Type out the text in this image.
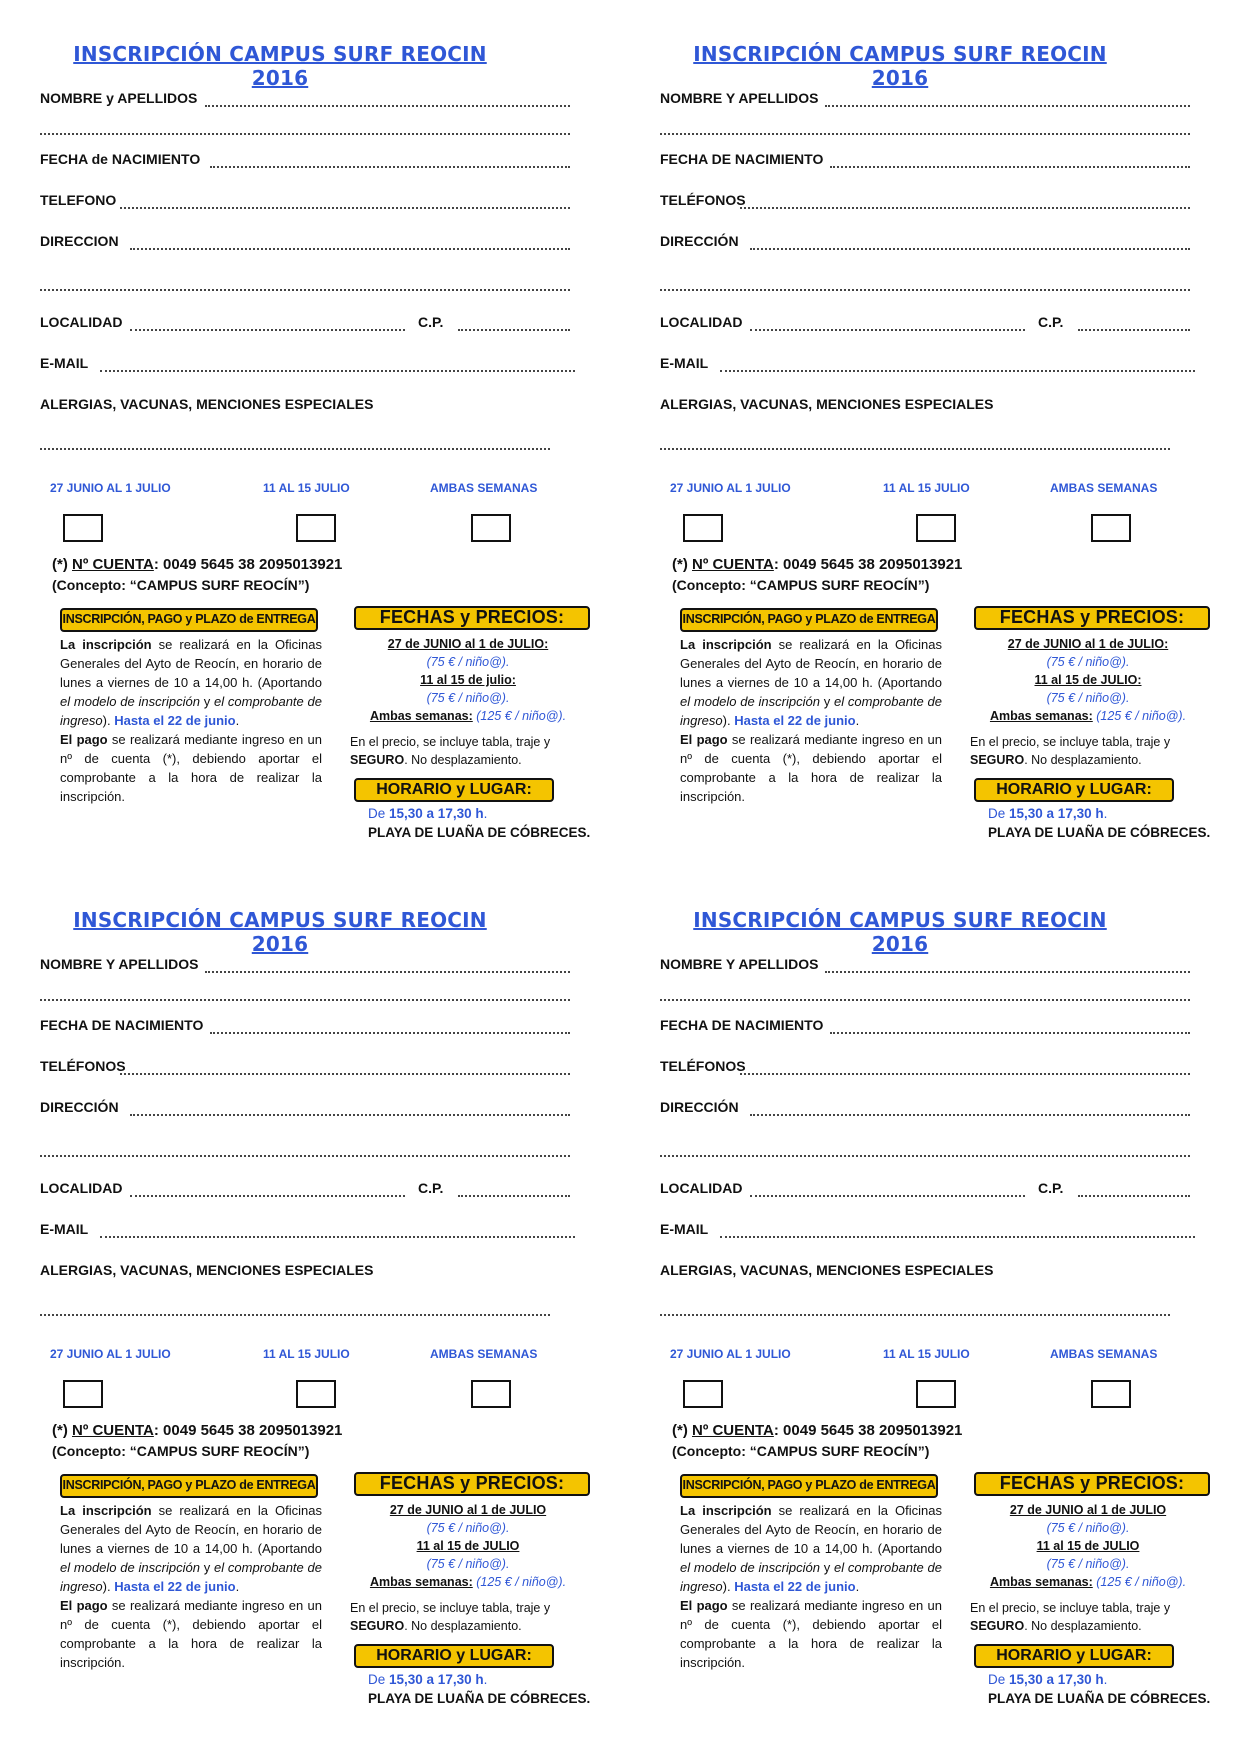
INSCRIPCIÓN CAMPUS SURF REOCIN 2016
NOMBRE y APELLIDOS
FECHA de NACIMIENTO
TELEFONO
DIRECCION
LOCALIDAD	C.P.
E-MAIL
ALERGIAS, VACUNAS, MENCIONES ESPECIALES
27 JUNIO AL 1 JULIO	11 AL 15 JULIO	AMBAS SEMANAS
(*) Nº CUENTA: 0049 5645 38 2095013921
(Concepto: “CAMPUS SURF REOCÍN”)
INSCRIPCIÓN, PAGO y PLAZO de ENTREGA	FECHAS y PRECIOS:
La inscripción se realizará en la Oficinas Generales del Ayto de Reocín, en horario de lunes a viernes de 10 a 14,00 h. (Aportando el modelo de inscripción y el comprobante de ingreso). Hasta el 22 de junio.
El pago se realizará mediante ingreso en un nº de cuenta (*), debiendo aportar el comprobante a la hora de realizar la inscripción.
27 de JUNIO al 1 de JULIO:
(75 € / niño@).
11 al 15 de julio:
(75 € / niño@).
Ambas semanas: (125 € / niño@).
En el precio, se incluye tabla, traje y SEGURO. No desplazamiento.
HORARIO y LUGAR:
De 15,30 a 17,30 h.
PLAYA DE LUAÑA DE CÓBRECES.
INSCRIPCIÓN CAMPUS SURF REOCIN 2016
NOMBRE Y APELLIDOS
FECHA DE NACIMIENTO
TELÉFONOS
DIRECCIÓN
LOCALIDAD	C.P.
E-MAIL
ALERGIAS, VACUNAS, MENCIONES ESPECIALES
27 JUNIO AL 1 JULIO	11 AL 15 JULIO	AMBAS SEMANAS
(*) Nº CUENTA: 0049 5645 38 2095013921
(Concepto: “CAMPUS SURF REOCÍN”)
INSCRIPCIÓN, PAGO y PLAZO de ENTREGA	FECHAS y PRECIOS:
La inscripción se realizará en la Oficinas Generales del Ayto de Reocín, en horario de lunes a viernes de 10 a 14,00 h. (Aportando el modelo de inscripción y el comprobante de ingreso). Hasta el 22 de junio.
El pago se realizará mediante ingreso en un nº de cuenta (*), debiendo aportar el comprobante a la hora de realizar la inscripción.
27 de JUNIO al 1 de JULIO:
(75 € / niño@).
11 al 15 de JULIO:
(75 € / niño@).
Ambas semanas: (125 € / niño@).
En el precio, se incluye tabla, traje y SEGURO. No desplazamiento.
HORARIO y LUGAR:
De 15,30 a 17,30 h.
PLAYA DE LUAÑA DE CÓBRECES.
INSCRIPCIÓN CAMPUS SURF REOCIN 2016
NOMBRE Y APELLIDOS
FECHA DE NACIMIENTO
TELÉFONOS
DIRECCIÓN
LOCALIDAD	C.P.
E-MAIL
ALERGIAS, VACUNAS, MENCIONES ESPECIALES
27 JUNIO AL 1 JULIO	11 AL 15 JULIO	AMBAS SEMANAS
(*) Nº CUENTA: 0049 5645 38 2095013921
(Concepto: “CAMPUS SURF REOCÍN”)
INSCRIPCIÓN, PAGO y PLAZO de ENTREGA	FECHAS y PRECIOS:
La inscripción se realizará en la Oficinas Generales del Ayto de Reocín, en horario de lunes a viernes de 10 a 14,00 h. (Aportando el modelo de inscripción y el comprobante de ingreso). Hasta el 22 de junio.
El pago se realizará mediante ingreso en un nº de cuenta (*), debiendo aportar el comprobante a la hora de realizar la inscripción.
27 de JUNIO al 1 de JULIO
(75 € / niño@).
11 al 15 de JULIO
(75 € / niño@).
Ambas semanas: (125 € / niño@).
En el precio, se incluye tabla, traje y SEGURO. No desplazamiento.
HORARIO y LUGAR:
De 15,30 a 17,30 h.
PLAYA DE LUAÑA DE CÓBRECES.
INSCRIPCIÓN CAMPUS SURF REOCIN 2016
NOMBRE Y APELLIDOS
FECHA DE NACIMIENTO
TELÉFONOS
DIRECCIÓN
LOCALIDAD	C.P.
E-MAIL
ALERGIAS, VACUNAS, MENCIONES ESPECIALES
27 JUNIO AL 1 JULIO	11 AL 15 JULIO	AMBAS SEMANAS
(*) Nº CUENTA: 0049 5645 38 2095013921
(Concepto: “CAMPUS SURF REOCÍN”)
INSCRIPCIÓN, PAGO y PLAZO de ENTREGA	FECHAS y PRECIOS:
La inscripción se realizará en la Oficinas Generales del Ayto de Reocín, en horario de lunes a viernes de 10 a 14,00 h. (Aportando el modelo de inscripción y el comprobante de ingreso). Hasta el 22 de junio.
El pago se realizará mediante ingreso en un nº de cuenta (*), debiendo aportar el comprobante a la hora de realizar la inscripción.
27 de JUNIO al 1 de JULIO
(75 € / niño@).
11 al 15 de JULIO
(75 € / niño@).
Ambas semanas: (125 € / niño@).
En el precio, se incluye tabla, traje y SEGURO. No desplazamiento.
HORARIO y LUGAR:
De 15,30 a 17,30 h.
PLAYA DE LUAÑA DE CÓBRECES.
